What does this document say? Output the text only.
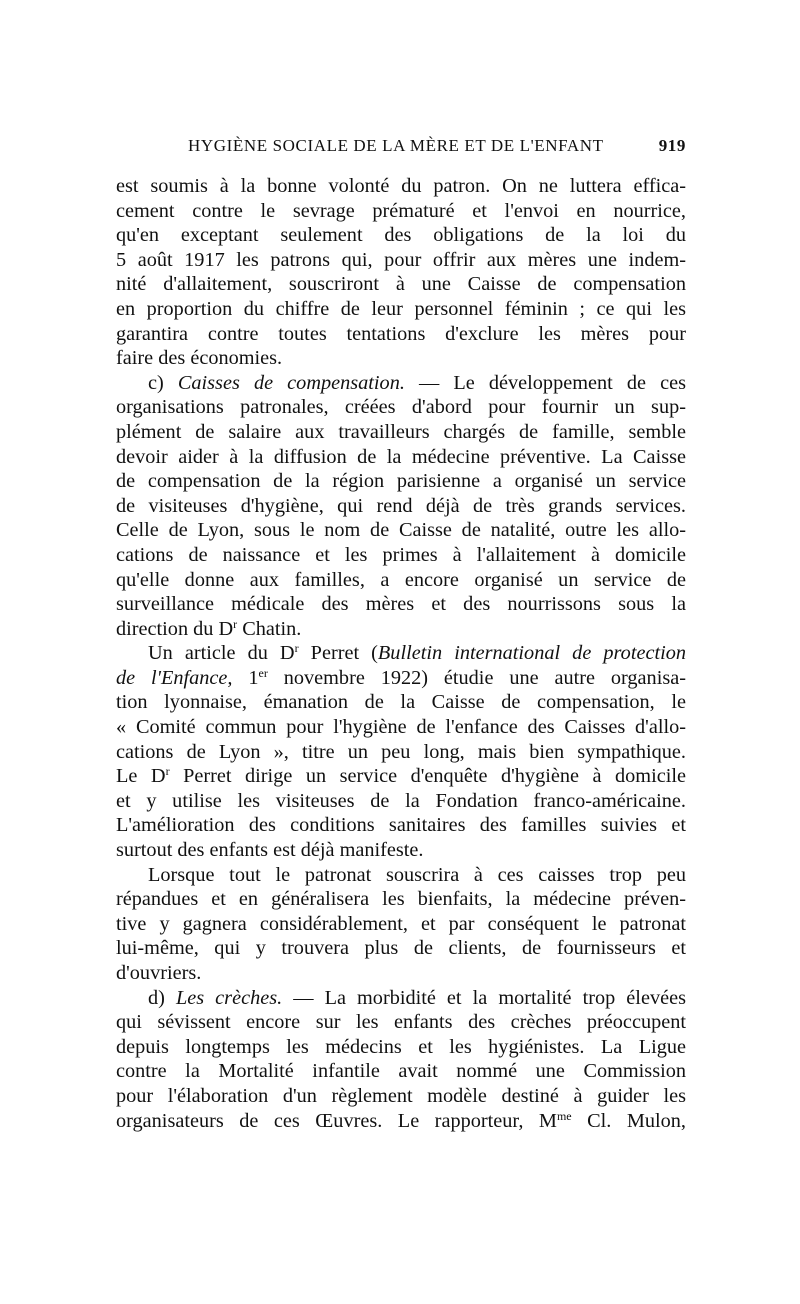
HYGIÈNE SOCIALE DE LA MÈRE ET DE L'ENFANT	919
est soumis à la bonne volonté du patron. On ne luttera effica-
cement contre le sevrage prématuré et l'envoi en nourrice,
qu'en exceptant seulement des obligations de la loi du
5 août 1917 les patrons qui, pour offrir aux mères une indem-
nité d'allaitement, souscriront à une Caisse de compensation
en proportion du chiffre de leur personnel féminin ; ce qui les
garantira contre toutes tentations d'exclure les mères pour
faire des économies.
c) Caisses de compensation. — Le développement de ces
organisations patronales, créées d'abord pour fournir un sup-
plément de salaire aux travailleurs chargés de famille, semble
devoir aider à la diffusion de la médecine préventive. La Caisse
de compensation de la région parisienne a organisé un service
de visiteuses d'hygiène, qui rend déjà de très grands services.
Celle de Lyon, sous le nom de Caisse de natalité, outre les allo-
cations de naissance et les primes à l'allaitement à domicile
qu'elle donne aux familles, a encore organisé un service de
surveillance médicale des mères et des nourrissons sous la
direction du $D^r$ Chatin.
Un article du $D^r$ Perret (Bulletin international de protection
de l'Enfance, 1er novembre 1922) étudie une autre organisa-
tion lyonnaise, émanation de la Caisse de compensation, le
« Comité commun pour l'hygiène de l'enfance des Caisses d'allo-
cations de Lyon », titre un peu long, mais bien sympathique.
Le $D^r$ Perret dirige un service d'enquête d'hygiène à domicile
et y utilise les visiteuses de la Fondation franco-américaine.
L'amélioration des conditions sanitaires des familles suivies et
surtout des enfants est déjà manifeste.
Lorsque tout le patronat souscrira à ces caisses trop peu
répandues et en généralisera les bienfaits, la médecine préven-
tive y gagnera considérablement, et par conséquent le patronat
lui-même, qui y trouvera plus de clients, de fournisseurs et
d'ouvriers.
d) Les crèches. — La morbidité et la mortalité trop élevées
qui sévissent encore sur les enfants des crèches préoccupent
depuis longtemps les médecins et les hygiénistes. La Ligue
contre la Mortalité infantile avait nommé une Commission
pour l'élaboration d'un règlement modèle destiné à guider les
organisateurs de ces Œuvres. Le rapporteur, $M^{me}$ Cl. Mulon,
